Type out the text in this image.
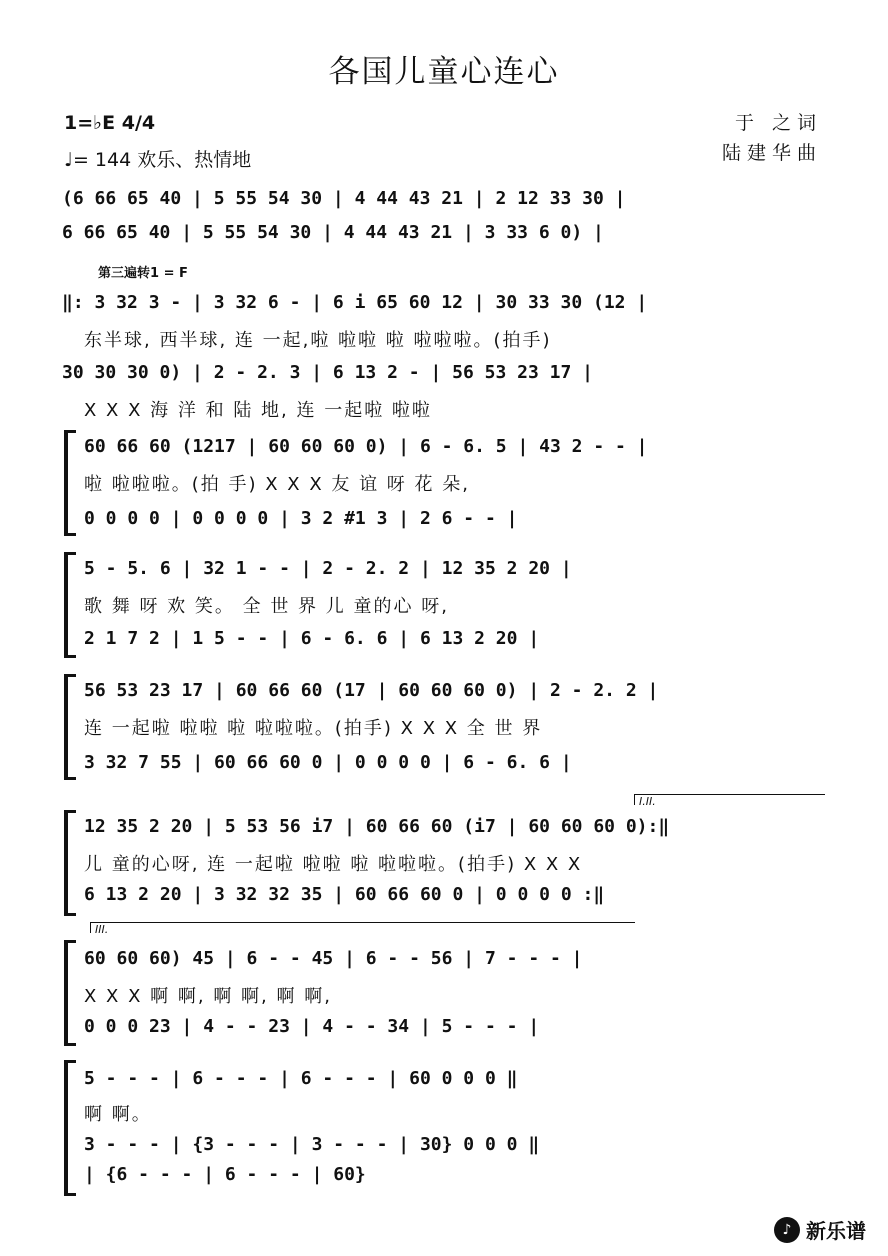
各国儿童心连心
1=♭E 4/4
♩= 144 欢乐、热情地
于 之词
陆建华曲
(6 66 65 40 | 5 55 54 30 | 4 44 43 21 | 2 12 33 30 |
6 66 65 40 | 5 55 54 30 | 4 44 43 21 | 3 33 6 0) |
第三遍转1 = F
‖: 3 32 3 - | 3 32 6 - | 6 i 65 60 12 | 30 33 30 (12 |
东半球, 西半球, 连 一起,啦 啦啦 啦 啦啦啦。(拍手)
30 30 30 0) | 2 - 2. 3 | 6 13 2 - | 56 53 23 17 |
X X X 海 洋 和 陆 地, 连 一起啦 啦啦
60 66 60 (1217 | 60 60 60 0) | 6 - 6. 5 | 43 2 - - |
啦 啦啦啦。(拍 手) X X X 友 谊 呀 花 朵,
0 0 0 0 | 0 0 0 0 | 3 2 #1 3 | 2 6 - - |
5 - 5. 6 | 32 1 - - | 2 - 2. 2 | 12 35 2 20 |
歌 舞 呀 欢 笑。 全 世 界 儿 童的心 呀,
2 1 7 2 | 1 5 - - | 6 - 6. 6 | 6 13 2 20 |
56 53 23 17 | 60 66 60 (17 | 60 60 60 0) | 2 - 2. 2 |
连 一起啦 啦啦 啦 啦啦啦。(拍手) X X X 全 世 界
3 32 7 55 | 60 66 60 0 | 0 0 0 0 | 6 - 6. 6 |
I.II.
12 35 2 20 | 5 53 56 i7 | 60 66 60 (i7 | 60 60 60 0):‖
儿 童的心呀, 连 一起啦 啦啦 啦 啦啦啦。(拍手) X X X
6 13 2 20 | 3 32 32 35 | 60 66 60 0 | 0 0 0 0 :‖
III.
60 60 60) 45 | 6 - - 45 | 6 - - 56 | 7 - - - |
X X X 啊 啊, 啊 啊, 啊 啊,
0 0 0 23 | 4 - - 23 | 4 - - 34 | 5 - - - |
5 - - - | 6 - - - | 6 - - - | 60 0 0 0 ‖
啊 啊。
3 - - - | {3 - - - | 3 - - - | 30} 0 0 0 ‖
| {6 - - - | 6 - - - | 60}
♪ 新乐谱
